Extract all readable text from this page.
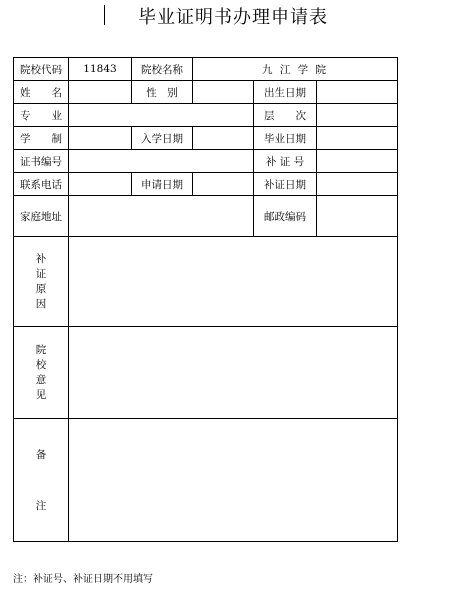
毕业证明书办理申请表
院校代码	11843	院校名称	九 江 学 院		
姓　　名		性　别		出生日期	
专　　业				层　　次	
学　　制		入学日期		毕业日期	
证书编号				补 证 号	
联系电话		申请日期		补证日期	
家庭地址				邮政编码	
补
证
原
因					
院
校
意
见					

备
注					

注：补证号、补证日期不用填写
